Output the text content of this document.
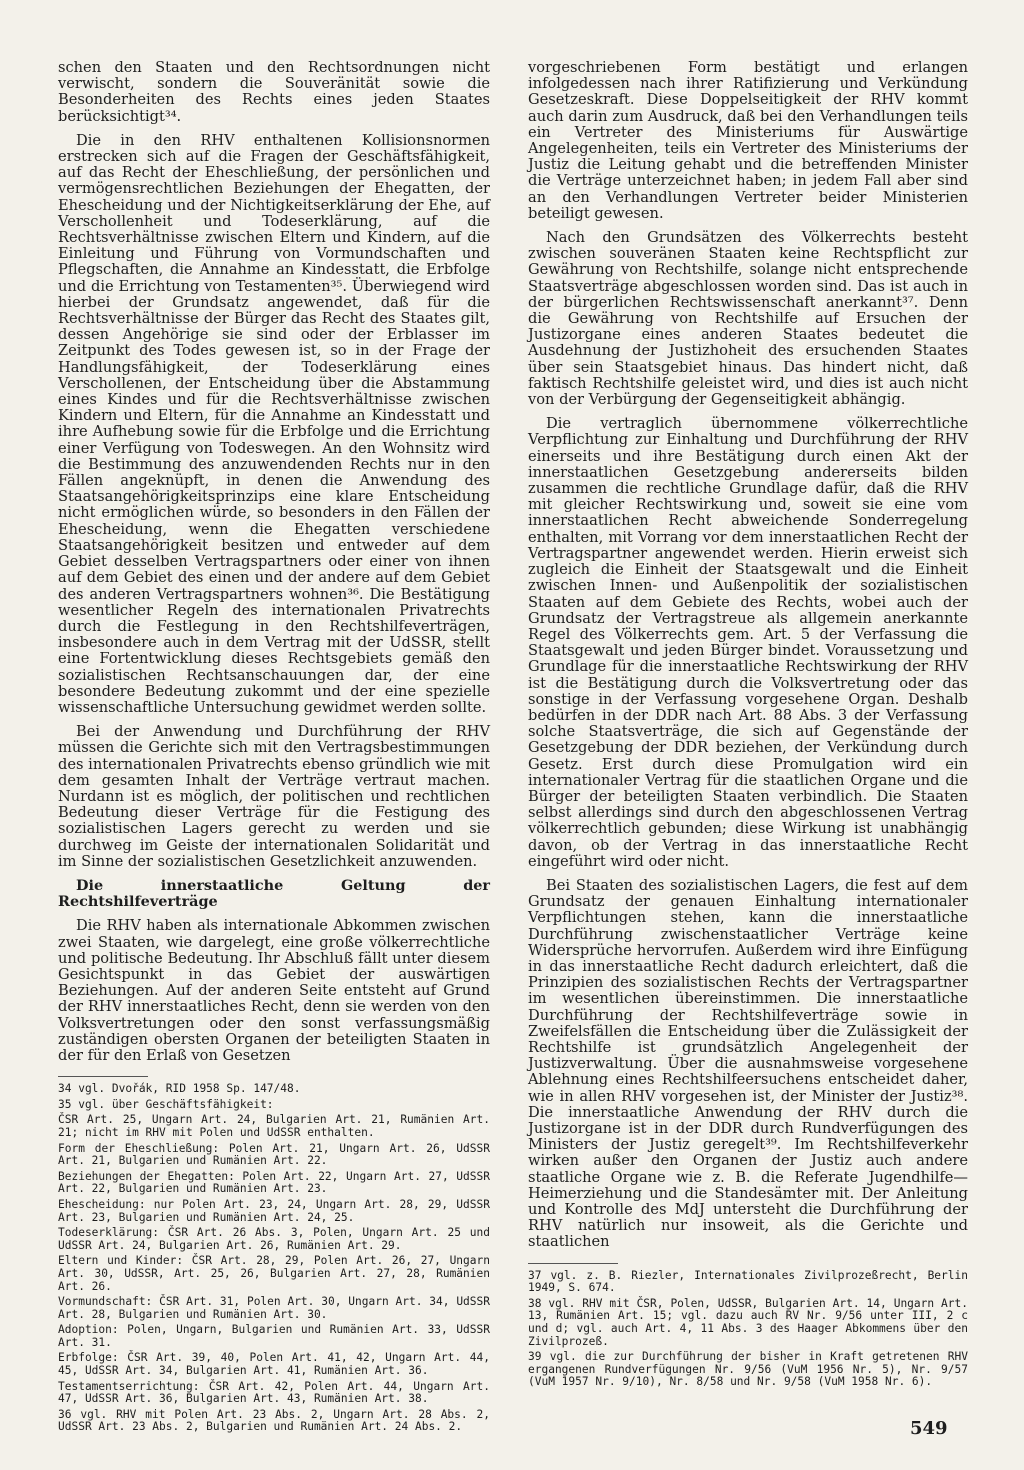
schen den Staaten und den Rechtsordnungen nicht verwischt, sondern die Souveränität sowie die Besonderheiten des Rechts eines jeden Staates berücksichtigt³⁴.

Die in den RHV enthaltenen Kollisionsnormen erstrecken sich auf die Fragen der Geschäftsfähigkeit, auf das Recht der Eheschließung, der persönlichen und vermögensrechtlichen Beziehungen der Ehegatten, der Ehescheidung und der Nichtigkeitserklärung der Ehe, auf Verschollenheit und Todeserklärung, auf die Rechtsverhältnisse zwischen Eltern und Kindern, auf die Einleitung und Führung von Vormundschaften und Pflegschaften, die Annahme an Kindesstatt, die Erbfolge und die Errichtung von Testamenten³⁵. Überwiegend wird hierbei der Grundsatz angewendet, daß für die Rechtsverhältnisse der Bürger das Recht des Staates gilt, dessen Angehörige sie sind oder der Erblasser im Zeitpunkt des Todes gewesen ist, so in der Frage der Handlungsfähigkeit, der Todeserklärung eines Verschollenen, der Entscheidung über die Abstammung eines Kindes und für die Rechtsverhältnisse zwischen Kindern und Eltern, für die Annahme an Kindesstatt und ihre Aufhebung sowie für die Erbfolge und die Errichtung einer Verfügung von Todeswegen. An den Wohnsitz wird die Bestimmung des anzuwendenden Rechts nur in den Fällen angeknüpft, in denen die Anwendung des Staatsangehörigkeitsprinzips eine klare Entscheidung nicht ermöglichen würde, so besonders in den Fällen der Ehescheidung, wenn die Ehegatten verschiedene Staatsangehörigkeit besitzen und entweder auf dem Gebiet desselben Vertragspartners oder einer von ihnen auf dem Gebiet des einen und der andere auf dem Gebiet des anderen Vertragspartners wohnen³⁶. Die Bestätigung wesentlicher Regeln des internationalen Privatrechts durch die Festlegung in den Rechtshilfeverträgen, insbesondere auch in dem Vertrag mit der UdSSR, stellt eine Fortentwicklung dieses Rechtsgebiets gemäß den sozialistischen Rechtsanschauungen dar, der eine besondere Bedeutung zukommt und der eine spezielle wissenschaftliche Untersuchung gewidmet werden sollte.

Bei der Anwendung und Durchführung der RHV müssen die Gerichte sich mit den Vertragsbestimmungen des internationalen Privatrechts ebenso gründlich wie mit dem gesamten Inhalt der Verträge vertraut machen. Nurdann ist es möglich, der politischen und rechtlichen Bedeutung dieser Verträge für die Festigung des sozialistischen Lagers gerecht zu werden und sie durchweg im Geiste der internationalen Solidarität und im Sinne der sozialistischen Gesetzlichkeit anzuwenden.

Die innerstaatliche Geltung der Rechtshilfeverträge

Die RHV haben als internationale Abkommen zwischen zwei Staaten, wie dargelegt, eine große völkerrechtliche und politische Bedeutung. Ihr Abschluß fällt unter diesem Gesichtspunkt in das Gebiet der auswärtigen Beziehungen. Auf der anderen Seite entsteht auf Grund der RHV innerstaatliches Recht, denn sie werden von den Volksvertretungen oder den sonst verfassungsmäßig zuständigen obersten Organen der beteiligten Staaten in der für den Erlaß von Gesetzen

34 vgl. Dvořák, RID 1958 Sp. 147/48.

35 vgl. über Geschäftsfähigkeit:

ČSR Art. 25, Ungarn Art. 24, Bulgarien Art. 21, Rumänien Art. 21; nicht im RHV mit Polen und UdSSR enthalten.

Form der Eheschließung: Polen Art. 21, Ungarn Art. 26, UdSSR Art. 21, Bulgarien und Rumänien Art. 22.

Beziehungen der Ehegatten: Polen Art. 22, Ungarn Art. 27, UdSSR Art. 22, Bulgarien und Rumänien Art. 23.

Ehescheidung: nur Polen Art. 23, 24, Ungarn Art. 28, 29, UdSSR Art. 23, Bulgarien und Rumänien Art. 24, 25.

Todeserklärung: ČSR Art. 26 Abs. 3, Polen, Ungarn Art. 25 und UdSSR Art. 24, Bulgarien Art. 26, Rumänien Art. 29.

Eltern und Kinder: ČSR Art. 28, 29, Polen Art. 26, 27, Ungarn Art. 30, UdSSR, Art. 25, 26, Bulgarien Art. 27, 28, Rumänien Art. 26.

Vormundschaft: ČSR Art. 31, Polen Art. 30, Ungarn Art. 34, UdSSR Art. 28, Bulgarien und Rumänien Art. 30.

Adoption: Polen, Ungarn, Bulgarien und Rumänien Art. 33, UdSSR Art. 31.

Erbfolge: ČSR Art. 39, 40, Polen Art. 41, 42, Ungarn Art. 44, 45, UdSSR Art. 34, Bulgarien Art. 41, Rumänien Art. 36.

Testamentserrichtung: ČSR Art. 42, Polen Art. 44, Ungarn Art. 47, UdSSR Art. 36, Bulgarien Art. 43, Rumänien Art. 38.

36 vgl. RHV mit Polen Art. 23 Abs. 2, Ungarn Art. 28 Abs. 2, UdSSR Art. 23 Abs. 2, Bulgarien und Rumänien Art. 24 Abs. 2.

vorgeschriebenen Form bestätigt und erlangen infolgedessen nach ihrer Ratifizierung und Verkündung Gesetzeskraft. Diese Doppelseitigkeit der RHV kommt auch darin zum Ausdruck, daß bei den Verhandlungen teils ein Vertreter des Ministeriums für Auswärtige Angelegenheiten, teils ein Vertreter des Ministeriums der Justiz die Leitung gehabt und die betreffenden Minister die Verträge unterzeichnet haben; in jedem Fall aber sind an den Verhandlungen Vertreter beider Ministerien beteiligt gewesen.

Nach den Grundsätzen des Völkerrechts besteht zwischen souveränen Staaten keine Rechtspflicht zur Gewährung von Rechtshilfe, solange nicht entsprechende Staatsverträge abgeschlossen worden sind. Das ist auch in der bürgerlichen Rechtswissenschaft anerkannt³⁷. Denn die Gewährung von Rechtshilfe auf Ersuchen der Justizorgane eines anderen Staates bedeutet die Ausdehnung der Justizhoheit des ersuchenden Staates über sein Staatsgebiet hinaus. Das hindert nicht, daß faktisch Rechtshilfe geleistet wird, und dies ist auch nicht von der Verbürgung der Gegenseitigkeit abhängig.

Die vertraglich übernommene völkerrechtliche Verpflichtung zur Einhaltung und Durchführung der RHV einerseits und ihre Bestätigung durch einen Akt der innerstaatlichen Gesetzgebung andererseits bilden zusammen die rechtliche Grundlage dafür, daß die RHV mit gleicher Rechtswirkung und, soweit sie eine vom innerstaatlichen Recht abweichende Sonderregelung enthalten, mit Vorrang vor dem innerstaatlichen Recht der Vertragspartner angewendet werden. Hierin erweist sich zugleich die Einheit der Staatsgewalt und die Einheit zwischen Innen- und Außenpolitik der sozialistischen Staaten auf dem Gebiete des Rechts, wobei auch der Grundsatz der Vertragstreue als allgemein anerkannte Regel des Völkerrechts gem. Art. 5 der Verfassung die Staatsgewalt und jeden Bürger bindet. Voraussetzung und Grundlage für die innerstaatliche Rechtswirkung der RHV ist die Bestätigung durch die Volksvertretung oder das sonstige in der Verfassung vorgesehene Organ. Deshalb bedürfen in der DDR nach Art. 88 Abs. 3 der Verfassung solche Staatsverträge, die sich auf Gegenstände der Gesetzgebung der DDR beziehen, der Verkündung durch Gesetz. Erst durch diese Promulgation wird ein internationaler Vertrag für die staatlichen Organe und die Bürger der beteiligten Staaten verbindlich. Die Staaten selbst allerdings sind durch den abgeschlossenen Vertrag völkerrechtlich gebunden; diese Wirkung ist unabhängig davon, ob der Vertrag in das innerstaatliche Recht eingeführt wird oder nicht.

Bei Staaten des sozialistischen Lagers, die fest auf dem Grundsatz der genauen Einhaltung internationaler Verpflichtungen stehen, kann die innerstaatliche Durchführung zwischenstaatlicher Verträge keine Widersprüche hervorrufen. Außerdem wird ihre Einfügung in das innerstaatliche Recht dadurch erleichtert, daß die Prinzipien des sozialistischen Rechts der Vertragspartner im wesentlichen übereinstimmen. Die innerstaatliche Durchführung der Rechtshilfeverträge sowie in Zweifelsfällen die Entscheidung über die Zulässigkeit der Rechtshilfe ist grundsätzlich Angelegenheit der Justizverwaltung. Über die ausnahmsweise vorgesehene Ablehnung eines Rechtshilfeersuchens entscheidet daher, wie in allen RHV vorgesehen ist, der Minister der Justiz³⁸. Die innerstaatliche Anwendung der RHV durch die Justizorgane ist in der DDR durch Rundverfügungen des Ministers der Justiz geregelt³⁹. Im Rechtshilfeverkehr wirken außer den Organen der Justiz auch andere staatliche Organe wie z. B. die Referate Jugendhilfe—Heimerziehung und die Standesämter mit. Der Anleitung und Kontrolle des MdJ untersteht die Durchführung der RHV natürlich nur insoweit, als die Gerichte und staatlichen

37 vgl. z. B. Riezler, Internationales Zivilprozeßrecht, Berlin 1949, S. 674.

38 vgl. RHV mit ČSR, Polen, UdSSR, Bulgarien Art. 14, Ungarn Art. 13, Rumänien Art. 15; vgl. dazu auch RV Nr. 9/56 unter III, 2 c und d; vgl. auch Art. 4, 11 Abs. 3 des Haager Abkommens über den Zivilprozeß.

39 vgl. die zur Durchführung der bisher in Kraft getretenen RHV ergangenen Rundverfügungen Nr. 9/56 (VuM 1956 Nr. 5), Nr. 9/57 (VuM 1957 Nr. 9/10), Nr. 8/58 und Nr. 9/58 (VuM 1958 Nr. 6).

549
